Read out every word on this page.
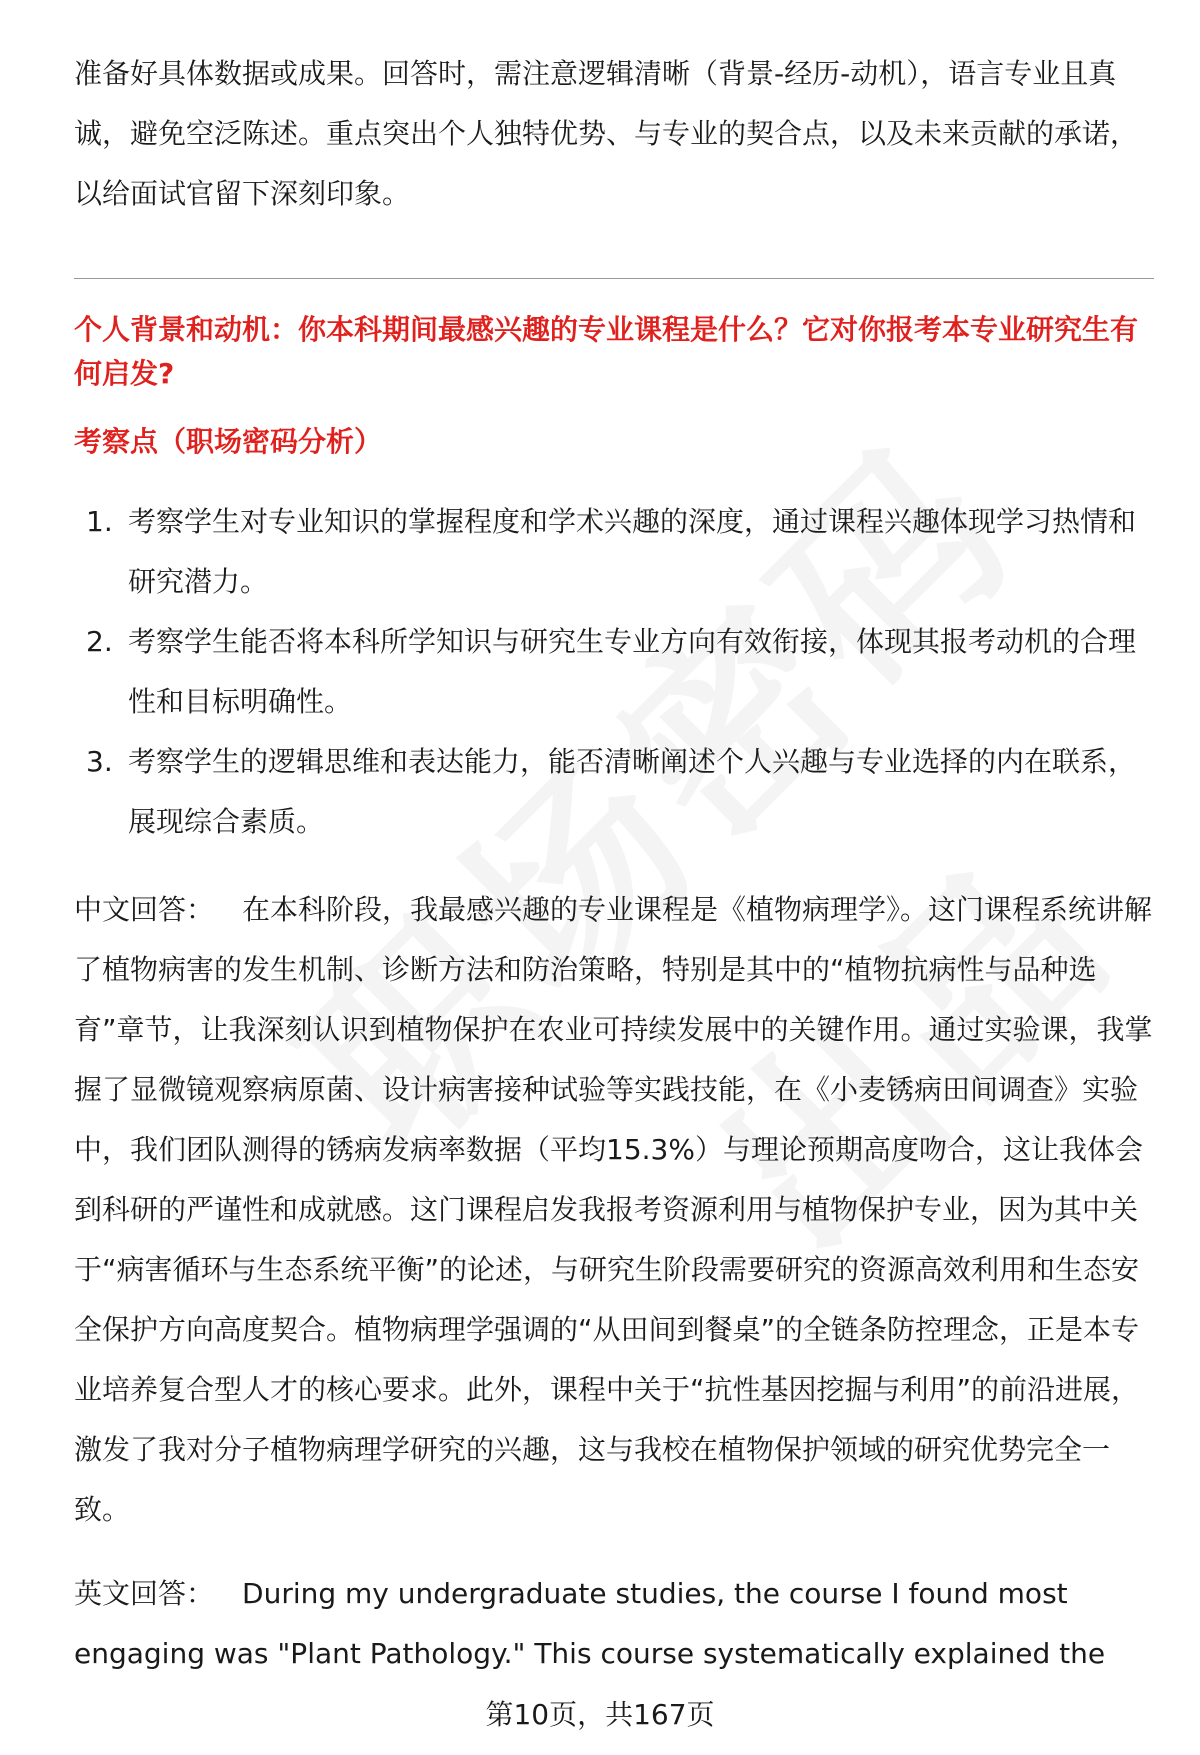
准备好具体数据或成果。回答时，需注意逻辑清晰（背景-经历-动机），语言专业且真诚，避免空泛陈述。重点突出个人独特优势、与专业的契合点，以及未来贡献的承诺，以给面试官留下深刻印象。

个人背景和动机：你本科期间最感兴趣的专业课程是什么？它对你报考本专业研究生有何启发?
考察点（职场密码分析）
1. 考察学生对专业知识的掌握程度和学术兴趣的深度，通过课程兴趣体现学习热情和研究潜力。
2. 考察学生能否将本科所学知识与研究生专业方向有效衔接，体现其报考动机的合理性和目标明确性。
3. 考察学生的逻辑思维和表达能力，能否清晰阐述个人兴趣与专业选择的内在联系，展现综合素质。

中文回答： 在本科阶段，我最感兴趣的专业课程是《植物病理学》。这门课程系统讲解了植物病害的发生机制、诊断方法和防治策略，特别是其中的“植物抗病性与品种选育”章节，让我深刻认识到植物保护在农业可持续发展中的关键作用。通过实验课，我掌握了显微镜观察病原菌、设计病害接种试验等实践技能，在《小麦锈病田间调查》实验中，我们团队测得的锈病发病率数据（平均15.3%）与理论预期高度吻合，这让我体会到科研的严谨性和成就感。这门课程启发我报考资源利用与植物保护专业，因为其中关于“病害循环与生态系统平衡”的论述，与研究生阶段需要研究的资源高效利用和生态安全保护方向高度契合。植物病理学强调的“从田间到餐桌”的全链条防控理念，正是本专业培养复合型人才的核心要求。此外，课程中关于“抗性基因挖掘与利用”的前沿进展，激发了我对分子植物病理学研究的兴趣，这与我校在植物保护领域的研究优势完全一致。

英文回答： During my undergraduate studies, the course I found most engaging was "Plant Pathology." This course systematically explained the

第10页，共167页
